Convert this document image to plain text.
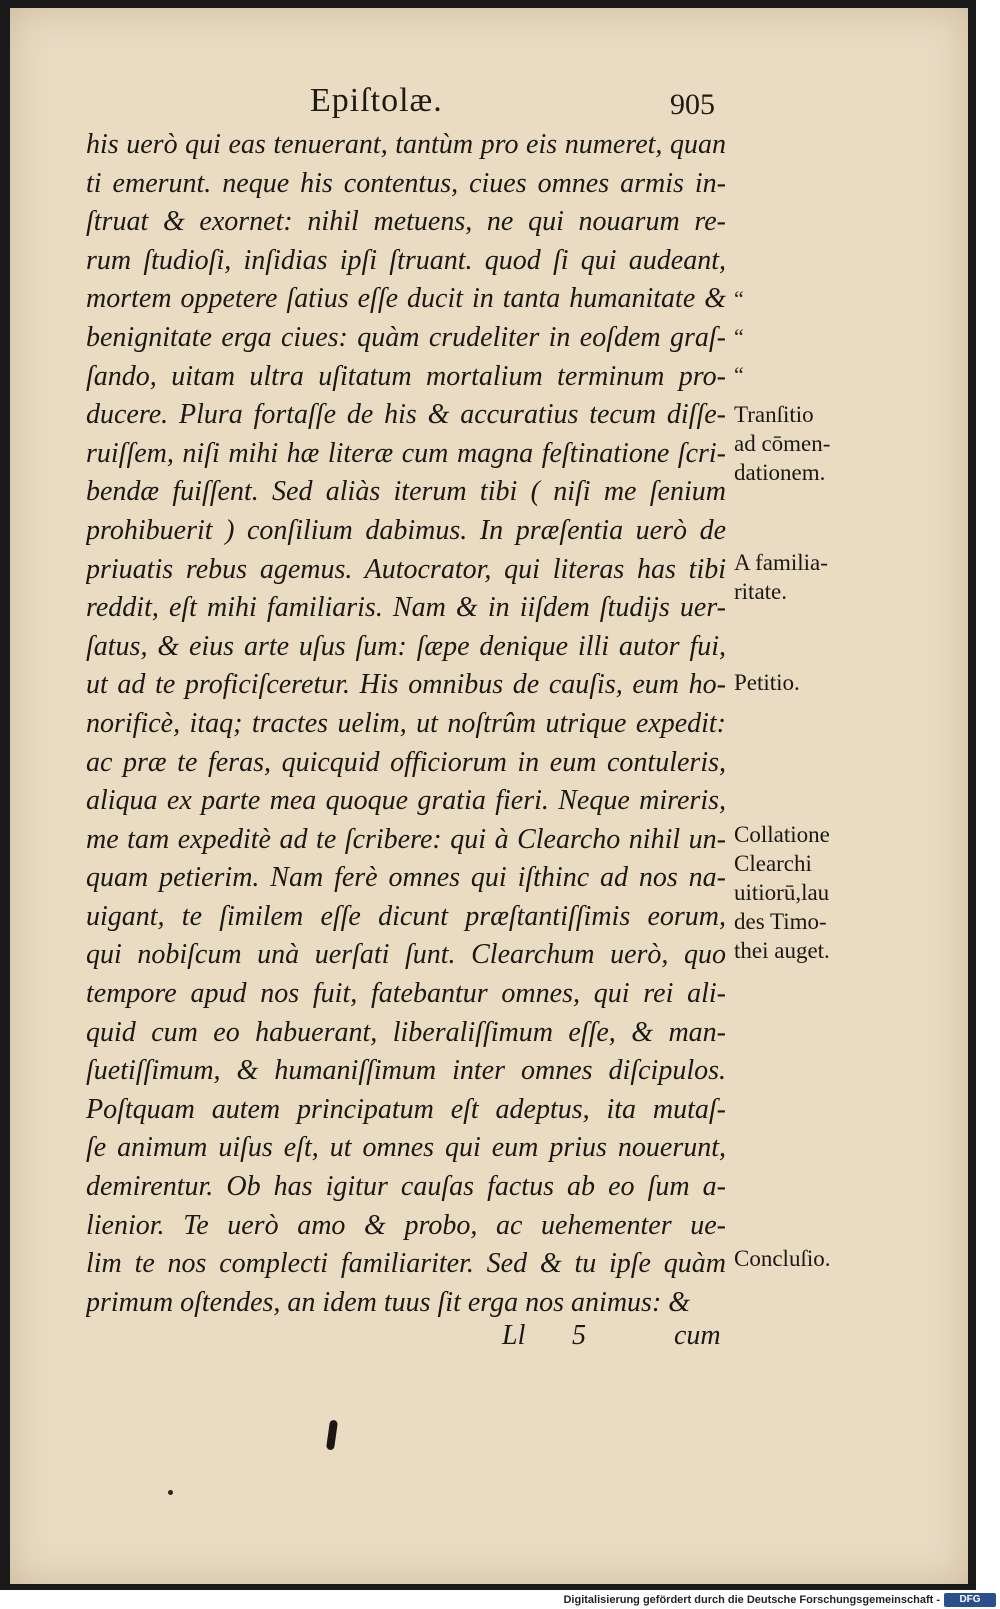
Epiſtolæ.	905
his uerò qui eas tenuerant, tantùm pro eis numeret, quan
ti emerunt. neque his contentus, ciues omnes armis in-
ſtruat & exornet: nihil metuens, ne qui nouarum re-
rum ſtudioſi, inſidias ipſi ſtruant. quod ſi qui audeant,
mortem oppetere ſatius eſſe ducit in tanta humanitate &
benignitate erga ciues: quàm crudeliter in eoſdem graſ-
ſando, uitam ultra uſitatum mortalium terminum pro-
ducere. Plura fortaſſe de his & accuratius tecum diſſe-
ruiſſem, niſi mihi hæ literæ cum magna feſtinatione ſcri-
bendæ fuiſſent. Sed aliàs iterum tibi ( niſi me ſenium
prohibuerit ) conſilium dabimus. In præſentia uerò de
priuatis rebus agemus. Autocrator, qui literas has tibi
reddit, eſt mihi familiaris. Nam & in iiſdem ſtudijs uer-
ſatus, & eius arte uſus ſum: ſæpe denique illi autor fui,
ut ad te proficiſceretur. His omnibus de cauſis, eum ho-
norificè, itaq; tractes uelim, ut noſtrûm utrique expedit:
ac præ te feras, quicquid officiorum in eum contuleris,
aliqua ex parte mea quoque gratia fieri. Neque mireris,
me tam expeditè ad te ſcribere: qui à Clearcho nihil un-
quam petierim. Nam ferè omnes qui iſthinc ad nos na-
uigant, te ſimilem eſſe dicunt præſtantiſſimis eorum,
qui nobiſcum unà uerſati ſunt. Clearchum uerò, quo
tempore apud nos fuit, fatebantur omnes, qui rei ali-
quid cum eo habuerant, liberaliſſimum eſſe, & man-
ſuetiſſimum, & humaniſſimum inter omnes diſcipulos.
Poſtquam autem principatum eſt adeptus, ita mutaſ-
ſe animum uiſus eſt, ut omnes qui eum prius nouerunt,
demirentur. Ob has igitur cauſas factus ab eo ſum a-
lienior. Te uerò amo & probo, ac uehementer ue-
lim te nos complecti familiariter. Sed & tu ipſe quàm
primum oſtendes, an idem tuus ſit erga nos animus: &
Ll 5	cum
“
“
“
Tranſitio
ad cōmen-
dationem.
A familia-
ritate.
Petitio.
Collatione
Clearchi
uitiorū,lau
des Timo-
thei auget.
Concluſio.
Digitalisierung gefördert durch die Deutsche Forschungsgemeinschaft -	DFG
